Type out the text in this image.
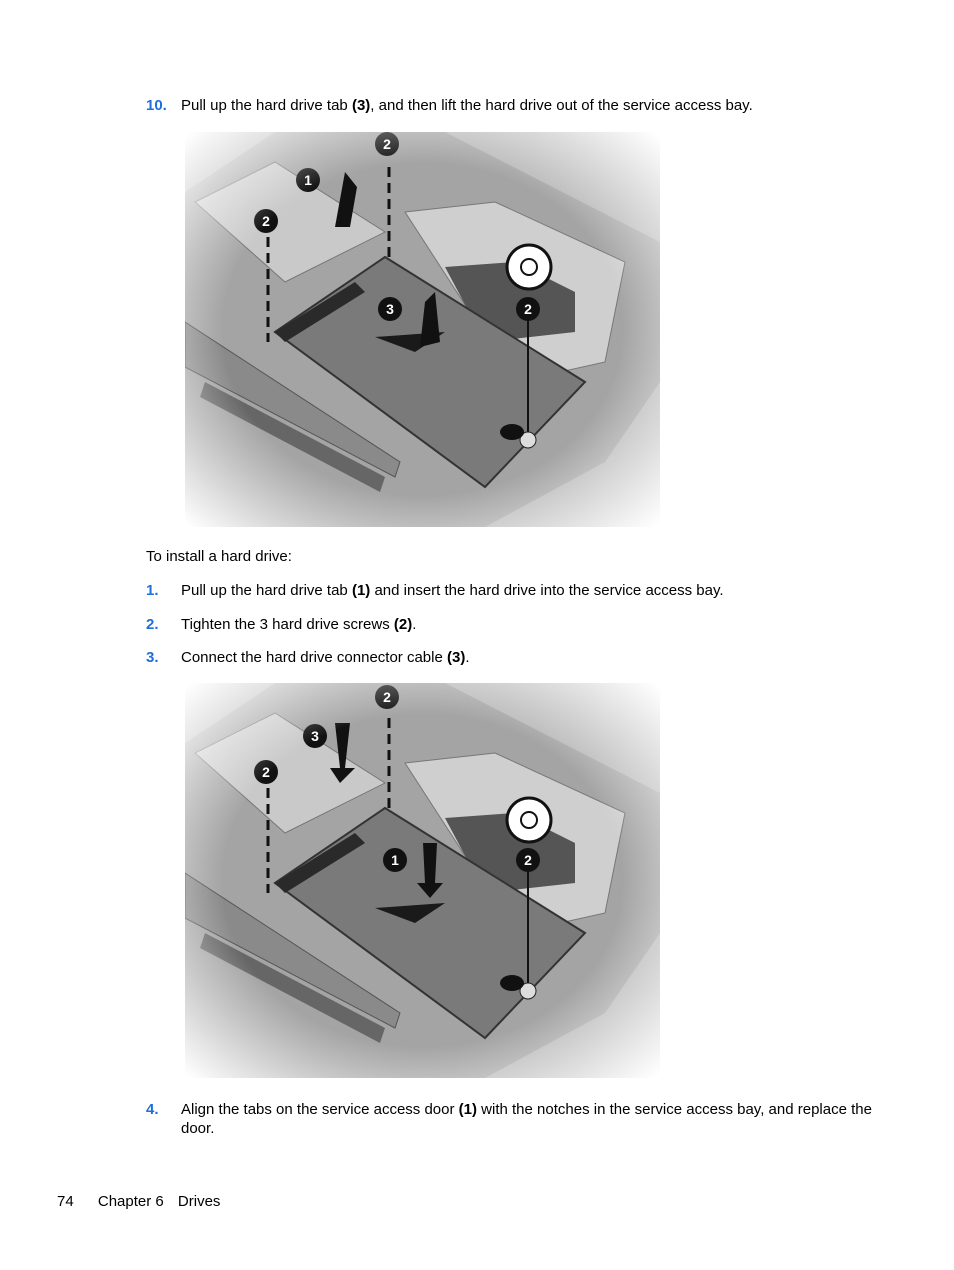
10. Pull up the hard drive tab (3), and then lift the hard drive out of the service access bay.
To install a hard drive:
1. Pull up the hard drive tab (1) and insert the hard drive into the service access bay.
2. Tighten the 3 hard drive screws (2).
3. Connect the hard drive connector cable (3).
4. Align the tabs on the service access door (1) with the notches in the service access bay, and replace the door.
74 Chapter 6 Drives
